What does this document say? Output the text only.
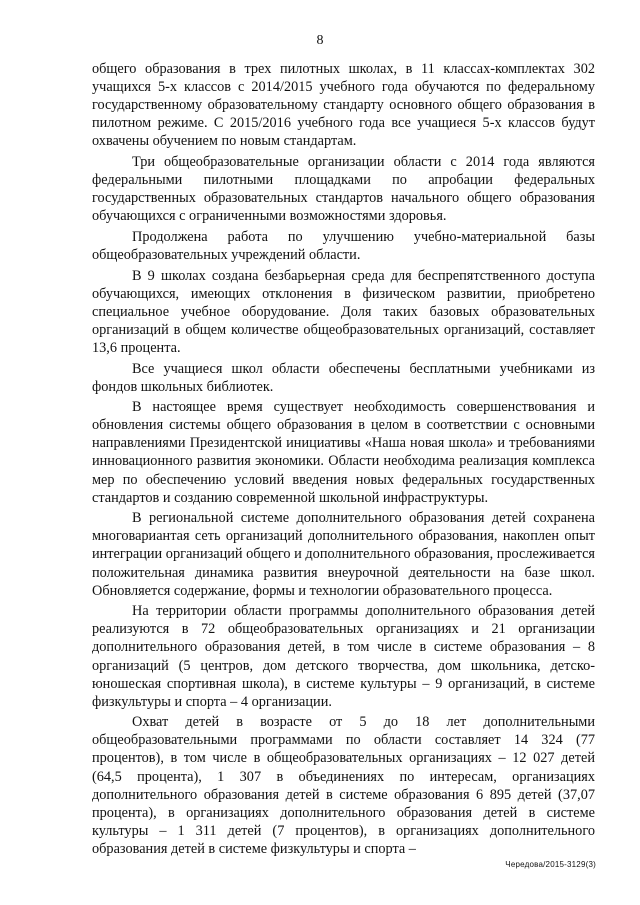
8

общего образования в трех пилотных школах, в 11 классах-комплектах 302 учащихся 5-х классов с 2014/2015 учебного года обучаются по федеральному государственному образовательному стандарту основного общего образования в пилотном режиме. С 2015/2016 учебного года все учащиеся 5-х классов будут охвачены обучением по новым стандартам.

Три общеобразовательные организации области с 2014 года являются федеральными пилотными площадками по апробации федеральных государственных образовательных стандартов начального общего образования обучающихся с ограниченными возможностями здоровья.

Продолжена работа по улучшению учебно-материальной базы общеобразовательных учреждений области.

В 9 школах создана безбарьерная среда для беспрепятственного доступа обучающихся, имеющих отклонения в физическом развитии, приобретено специальное учебное оборудование. Доля таких базовых образовательных организаций в общем количестве общеобразовательных организаций, составляет 13,6 процента.

Все учащиеся школ области обеспечены бесплатными учебниками из фондов школьных библиотек.

В настоящее время существует необходимость совершенствования и обновления системы общего образования в целом в соответствии с основными направлениями Президентской инициативы «Наша новая школа» и требованиями инновационного развития экономики. Области необходима реализация комплекса мер по обеспечению условий введения новых федеральных государственных стандартов и созданию современной школьной инфраструктуры.

В региональной системе дополнительного образования детей сохранена многовариантая сеть организаций дополнительного образования, накоплен опыт интеграции организаций общего и дополнительного образования, прослеживается положительная динамика развития внеурочной деятельности на базе школ. Обновляется содержание, формы и технологии образовательного процесса.

На территории области программы дополнительного образования детей реализуются в 72 общеобразовательных организациях и 21 организации дополнительного образования детей, в том числе в системе образования – 8 организаций (5 центров, дом детского творчества, дом школьника, детско-юношеская спортивная школа), в системе культуры – 9 организаций, в системе физкультуры и спорта – 4 организации.

Охват детей в возрасте от 5 до 18 лет дополнительными общеобразовательными программами по области составляет 14 324 (77 процентов), в том числе в общеобразовательных организациях – 12 027 детей (64,5 процента), 1 307 в объединениях по интересам, организациях дополнительного образования детей в системе образования 6 895 детей (37,07 процента), в организациях дополнительного образования детей в системе культуры – 1 311 детей (7 процентов), в организациях дополнительного образования детей в системе физкультуры и спорта –

Чередова/2015-3129(3)
